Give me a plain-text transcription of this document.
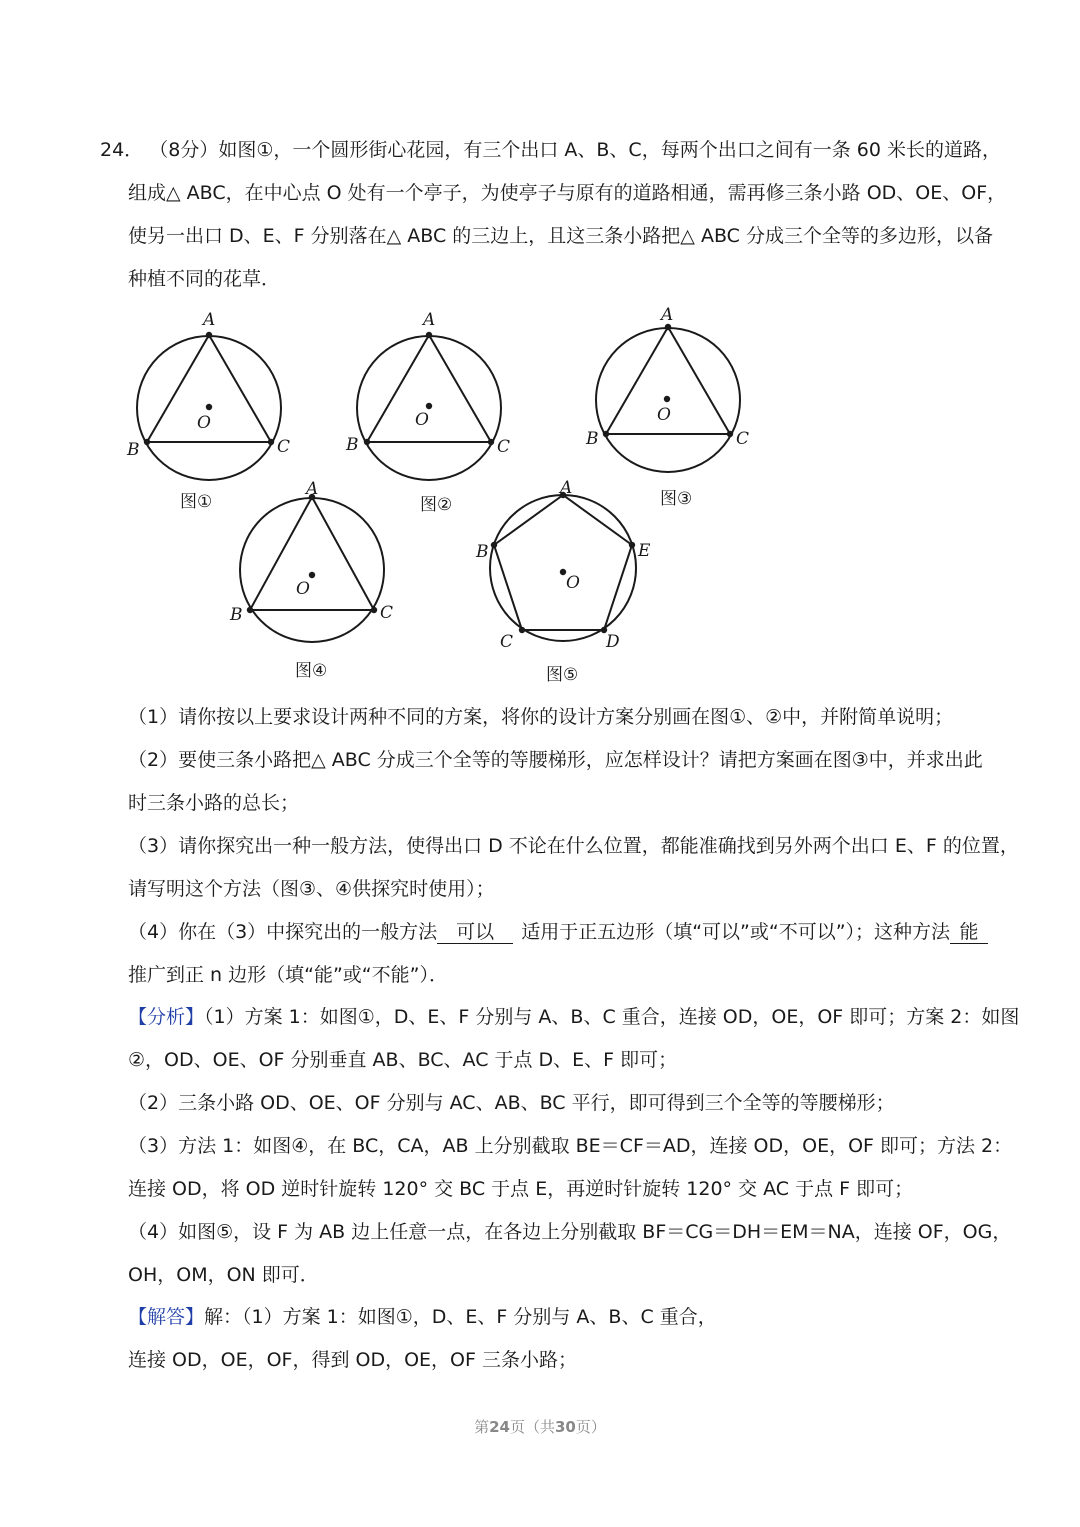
24． （8分）如图①，一个圆形街心花园，有三个出口 A、B、C，每两个出口之间有一条 60 米长的道路，
组成△ ABC，在中心点 O 处有一个亭子，为使亭子与原有的道路相通，需再修三条小路 OD、OE、OF，
使另一出口 D、E、F 分别落在△ ABC 的三边上，且这三条小路把△ ABC 分成三个全等的多边形，以备
种植不同的花草．
A
B	C
O
图①
A
B	C
O
图②
A
B	C
O
图③
A
B	C
O
图④
A
B
C	D
E
O
图⑤
（1）请你按以上要求设计两种不同的方案，将你的设计方案分别画在图①、②中，并附简单说明；
（2）要使三条小路把△ ABC 分成三个全等的等腰梯形，应怎样设计？请把方案画在图③中，并求出此
时三条小路的总长；
（3）请你探究出一种一般方法，使得出口 D 不论在什么位置，都能准确找到另外两个出口 E、F 的位置，
请写明这个方法（图③、④供探究时使用）；
（4）你在（3）中探究出的一般方法 可以 适用于正五边形（填“可以”或“不可以”）；这种方法 能
推广到正 n 边形（填“能”或“不能”）．
【分析】（1）方案 1：如图①，D、E、F 分别与 A、B、C 重合，连接 OD，OE，OF 即可；方案 2：如图
②，OD、OE、OF 分别垂直 AB、BC、AC 于点 D、E、F 即可；
（2）三条小路 OD、OE、OF 分别与 AC、AB、BC 平行，即可得到三个全等的等腰梯形；
（3）方法 1：如图④，在 BC，CA，AB 上分别截取 BE＝CF＝AD，连接 OD，OE，OF 即可；方法 2：
连接 OD，将 OD 逆时针旋转 120° 交 BC 于点 E，再逆时针旋转 120° 交 AC 于点 F 即可；
（4）如图⑤，设 F 为 AB 边上任意一点，在各边上分别截取 BF＝CG＝DH＝EM＝NA，连接 OF，OG，
OH，OM，ON 即可．
【解答】解：（1）方案 1：如图①，D、E、F 分别与 A、B、C 重合，
连接 OD，OE，OF，得到 OD，OE，OF 三条小路；
第24页（共30页）
